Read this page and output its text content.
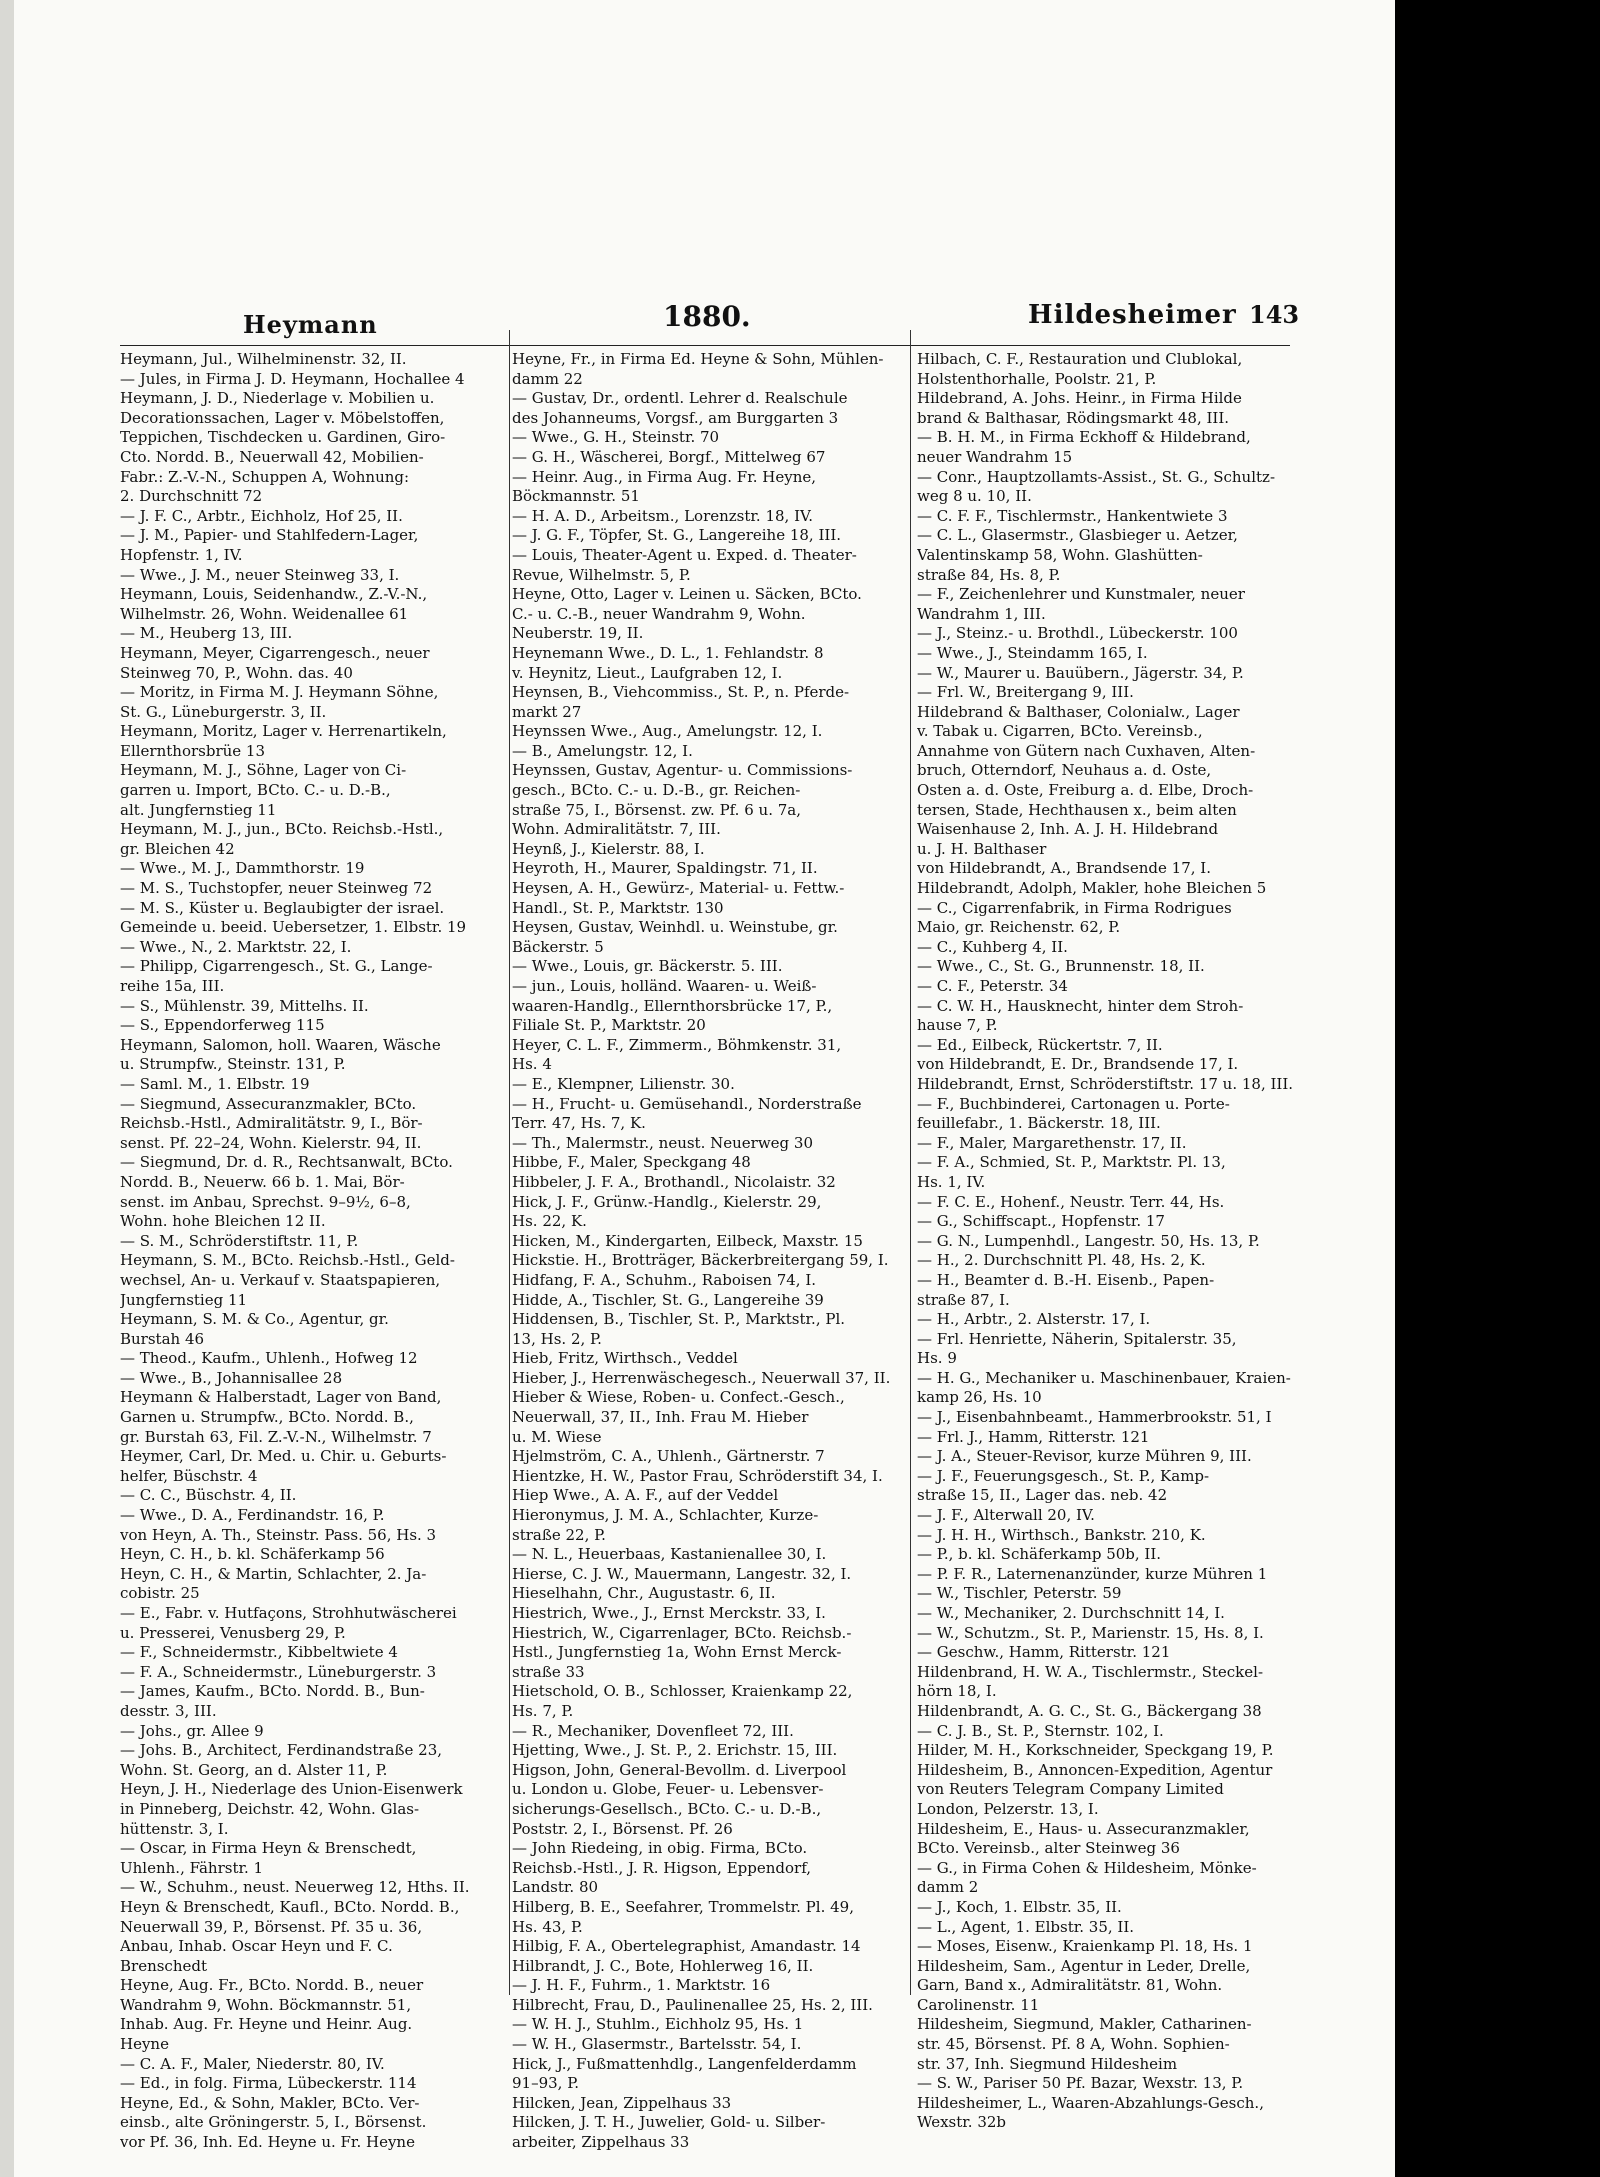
Heymann	1880.	Hildesheimer 143
Heymann, Jul., Wilhelminenstr. 32, II.
— Jules, in Firma J. D. Heymann, Hochallee 4
Heymann, J. D., Niederlage v. Mobilien u.
Decorationssachen, Lager v. Möbelstoffen,
Teppichen, Tischdecken u. Gardinen, Giro-
Cto. Nordd. B., Neuerwall 42, Mobilien-
Fabr.: Z.-V.-N., Schuppen A, Wohnung:
2. Durchschnitt 72
— J. F. C., Arbtr., Eichholz, Hof 25, II.
— J. M., Papier- und Stahlfedern-Lager,
Hopfenstr. 1, IV.
— Wwe., J. M., neuer Steinweg 33, I.
Heymann, Louis, Seidenhandw., Z.-V.-N.,
Wilhelmstr. 26, Wohn. Weidenallee 61
— M., Heuberg 13, III.
Heymann, Meyer, Cigarrengesch., neuer
Steinweg 70, P., Wohn. das. 40
— Moritz, in Firma M. J. Heymann Söhne,
St. G., Lüneburgerstr. 3, II.
Heymann, Moritz, Lager v. Herrenartikeln,
Ellernthorsbrüe 13
Heymann, M. J., Söhne, Lager von Ci-
garren u. Import, BCto. C.- u. D.-B.,
alt. Jungfernstieg 11
Heymann, M. J., jun., BCto. Reichsb.-Hstl.,
gr. Bleichen 42
— Wwe., M. J., Dammthorstr. 19
— M. S., Tuchstopfer, neuer Steinweg 72
— M. S., Küster u. Beglaubigter der israel.
Gemeinde u. beeid. Uebersetzer, 1. Elbstr. 19
— Wwe., N., 2. Marktstr. 22, I.
— Philipp, Cigarrengesch., St. G., Lange-
reihe 15a, III.
— S., Mühlenstr. 39, Mittelhs. II.
— S., Eppendorferweg 115
Heymann, Salomon, holl. Waaren, Wäsche
u. Strumpfw., Steinstr. 131, P.
— Saml. M., 1. Elbstr. 19
— Siegmund, Assecuranzmakler, BCto.
Reichsb.-Hstl., Admiralitätstr. 9, I., Bör-
senst. Pf. 22–24, Wohn. Kielerstr. 94, II.
— Siegmund, Dr. d. R., Rechtsanwalt, BCto.
Nordd. B., Neuerw. 66 b. 1. Mai, Bör-
senst. im Anbau, Sprechst. 9–9½, 6–8,
Wohn. hohe Bleichen 12 II.
— S. M., Schröderstiftstr. 11, P.
Heymann, S. M., BCto. Reichsb.-Hstl., Geld-
wechsel, An- u. Verkauf v. Staatspapieren,
Jungfernstieg 11
Heymann, S. M. & Co., Agentur, gr.
Burstah 46
— Theod., Kaufm., Uhlenh., Hofweg 12
— Wwe., B., Johannisallee 28
Heymann & Halberstadt, Lager von Band,
Garnen u. Strumpfw., BCto. Nordd. B.,
gr. Burstah 63, Fil. Z.-V.-N., Wilhelmstr. 7
Heymer, Carl, Dr. Med. u. Chir. u. Geburts-
helfer, Büschstr. 4
— C. C., Büschstr. 4, II.
— Wwe., D. A., Ferdinandstr. 16, P.
von Heyn, A. Th., Steinstr. Pass. 56, Hs. 3
Heyn, C. H., b. kl. Schäferkamp 56
Heyn, C. H., & Martin, Schlachter, 2. Ja-
cobistr. 25
— E., Fabr. v. Hutfaçons, Strohhutwäscherei
u. Presserei, Venusberg 29, P.
— F., Schneidermstr., Kibbeltwiete 4
— F. A., Schneidermstr., Lüneburgerstr. 3
— James, Kaufm., BCto. Nordd. B., Bun-
desstr. 3, III.
— Johs., gr. Allee 9
— Johs. B., Architect, Ferdinandstraße 23,
Wohn. St. Georg, an d. Alster 11, P.
Heyn, J. H., Niederlage des Union-Eisenwerk
in Pinneberg, Deichstr. 42, Wohn. Glas-
hüttenstr. 3, I.
— Oscar, in Firma Heyn & Brenschedt,
Uhlenh., Fährstr. 1
— W., Schuhm., neust. Neuerweg 12, Hths. II.
Heyn & Brenschedt, Kaufl., BCto. Nordd. B.,
Neuerwall 39, P., Börsenst. Pf. 35 u. 36,
Anbau, Inhab. Oscar Heyn und F. C.
Brenschedt
Heyne, Aug. Fr., BCto. Nordd. B., neuer
Wandrahm 9, Wohn. Böckmannstr. 51,
Inhab. Aug. Fr. Heyne und Heinr. Aug.
Heyne
— C. A. F., Maler, Niederstr. 80, IV.
— Ed., in folg. Firma, Lübeckerstr. 114
Heyne, Ed., & Sohn, Makler, BCto. Ver-
einsb., alte Gröningerstr. 5, I., Börsenst.
vor Pf. 36, Inh. Ed. Heyne u. Fr. Heyne
Heyne, Fr., in Firma Ed. Heyne & Sohn, Mühlen-
damm 22
— Gustav, Dr., ordentl. Lehrer d. Realschule
des Johanneums, Vorgsf., am Burggarten 3
— Wwe., G. H., Steinstr. 70
— G. H., Wäscherei, Borgf., Mittelweg 67
— Heinr. Aug., in Firma Aug. Fr. Heyne,
Böckmannstr. 51
— H. A. D., Arbeitsm., Lorenzstr. 18, IV.
— J. G. F., Töpfer, St. G., Langereihe 18, III.
— Louis, Theater-Agent u. Exped. d. Theater-
Revue, Wilhelmstr. 5, P.
Heyne, Otto, Lager v. Leinen u. Säcken, BCto.
C.- u. C.-B., neuer Wandrahm 9, Wohn.
Neuberstr. 19, II.
Heynemann Wwe., D. L., 1. Fehlandstr. 8
v. Heynitz, Lieut., Laufgraben 12, I.
Heynsen, B., Viehcommiss., St. P., n. Pferde-
markt 27
Heynssen Wwe., Aug., Amelungstr. 12, I.
— B., Amelungstr. 12, I.
Heynssen, Gustav, Agentur- u. Commissions-
gesch., BCto. C.- u. D.-B., gr. Reichen-
straße 75, I., Börsenst. zw. Pf. 6 u. 7a,
Wohn. Admiralitätstr. 7, III.
Heynß, J., Kielerstr. 88, I.
Heyroth, H., Maurer, Spaldingstr. 71, II.
Heysen, A. H., Gewürz-, Material- u. Fettw.-
Handl., St. P., Marktstr. 130
Heysen, Gustav, Weinhdl. u. Weinstube, gr.
Bäckerstr. 5
— Wwe., Louis, gr. Bäckerstr. 5. III.
— jun., Louis, holländ. Waaren- u. Weiß-
waaren-Handlg., Ellernthorsbrücke 17, P.,
Filiale St. P., Marktstr. 20
Heyer, C. L. F., Zimmerm., Böhmkenstr. 31,
Hs. 4
— E., Klempner, Lilienstr. 30.
— H., Frucht- u. Gemüsehandl., Norderstraße
Terr. 47, Hs. 7, K.
— Th., Malermstr., neust. Neuerweg 30
Hibbe, F., Maler, Speckgang 48
Hibbeler, J. F. A., Brothandl., Nicolaistr. 32
Hick, J. F., Grünw.-Handlg., Kielerstr. 29,
Hs. 22, K.
Hicken, M., Kindergarten, Eilbeck, Maxstr. 15
Hickstie. H., Brotträger, Bäckerbreitergang 59, I.
Hidfang, F. A., Schuhm., Raboisen 74, I.
Hidde, A., Tischler, St. G., Langereihe 39
Hiddensen, B., Tischler, St. P., Marktstr., Pl.
13, Hs. 2, P.
Hieb, Fritz, Wirthsch., Veddel
Hieber, J., Herrenwäschegesch., Neuerwall 37, II.
Hieber & Wiese, Roben- u. Confect.-Gesch.,
Neuerwall, 37, II., Inh. Frau M. Hieber
u. M. Wiese
Hjelmström, C. A., Uhlenh., Gärtnerstr. 7
Hientzke, H. W., Pastor Frau, Schröderstift 34, I.
Hiep Wwe., A. A. F., auf der Veddel
Hieronymus, J. M. A., Schlachter, Kurze-
straße 22, P.
— N. L., Heuerbaas, Kastanienallee 30, I.
Hierse, C. J. W., Mauermann, Langestr. 32, I.
Hieselhahn, Chr., Augustastr. 6, II.
Hiestrich, Wwe., J., Ernst Merckstr. 33, I.
Hiestrich, W., Cigarrenlager, BCto. Reichsb.-
Hstl., Jungfernstieg 1a, Wohn Ernst Merck-
straße 33
Hietschold, O. B., Schlosser, Kraienkamp 22,
Hs. 7, P.
— R., Mechaniker, Dovenfleet 72, III.
Hjetting, Wwe., J. St. P., 2. Erichstr. 15, III.
Higson, John, General-Bevollm. d. Liverpool
u. London u. Globe, Feuer- u. Lebensver-
sicherungs-Gesellsch., BCto. C.- u. D.-B.,
Poststr. 2, I., Börsenst. Pf. 26
— John Riedeing, in obig. Firma, BCto.
Reichsb.-Hstl., J. R. Higson, Eppendorf,
Landstr. 80
Hilberg, B. E., Seefahrer, Trommelstr. Pl. 49,
Hs. 43, P.
Hilbig, F. A., Obertelegraphist, Amandastr. 14
Hilbrandt, J. C., Bote, Hohlerweg 16, II.
— J. H. F., Fuhrm., 1. Marktstr. 16
Hilbrecht, Frau, D., Paulinenallee 25, Hs. 2, III.
— W. H. J., Stuhlm., Eichholz 95, Hs. 1
— W. H., Glasermstr., Bartelsstr. 54, I.
Hick, J., Fußmattenhdlg., Langenfelderdamm
91–93, P.
Hilcken, Jean, Zippelhaus 33
Hilcken, J. T. H., Juwelier, Gold- u. Silber-
arbeiter, Zippelhaus 33
Hilbach, C. F., Restauration und Clublokal,
Holstenthorhalle, Poolstr. 21, P.
Hildebrand, A. Johs. Heinr., in Firma Hilde
brand & Balthasar, Rödingsmarkt 48, III.
— B. H. M., in Firma Eckhoff & Hildebrand,
neuer Wandrahm 15
— Conr., Hauptzollamts-Assist., St. G., Schultz-
weg 8 u. 10, II.
— C. F. F., Tischlermstr., Hankentwiete 3
— C. L., Glasermstr., Glasbieger u. Aetzer,
Valentinskamp 58, Wohn. Glashütten-
straße 84, Hs. 8, P.
— F., Zeichenlehrer und Kunstmaler, neuer
Wandrahm 1, III.
— J., Steinz.- u. Brothdl., Lübeckerstr. 100
— Wwe., J., Steindamm 165, I.
— W., Maurer u. Bauübern., Jägerstr. 34, P.
— Frl. W., Breitergang 9, III.
Hildebrand & Balthaser, Colonialw., Lager
v. Tabak u. Cigarren, BCto. Vereinsb.,
Annahme von Gütern nach Cuxhaven, Alten-
bruch, Otterndorf, Neuhaus a. d. Oste,
Osten a. d. Oste, Freiburg a. d. Elbe, Droch-
tersen, Stade, Hechthausen x., beim alten
Waisenhause 2, Inh. A. J. H. Hildebrand
u. J. H. Balthaser
von Hildebrandt, A., Brandsende 17, I.
Hildebrandt, Adolph, Makler, hohe Bleichen 5
— C., Cigarrenfabrik, in Firma Rodrigues
Maio, gr. Reichenstr. 62, P.
— C., Kuhberg 4, II.
— Wwe., C., St. G., Brunnenstr. 18, II.
— C. F., Peterstr. 34
— C. W. H., Hausknecht, hinter dem Stroh-
hause 7, P.
— Ed., Eilbeck, Rückertstr. 7, II.
von Hildebrandt, E. Dr., Brandsende 17, I.
Hildebrandt, Ernst, Schröderstiftstr. 17 u. 18, III.
— F., Buchbinderei, Cartonagen u. Porte-
feuillefabr., 1. Bäckerstr. 18, III.
— F., Maler, Margarethenstr. 17, II.
— F. A., Schmied, St. P., Marktstr. Pl. 13,
Hs. 1, IV.
— F. C. E., Hohenf., Neustr. Terr. 44, Hs.
— G., Schiffscapt., Hopfenstr. 17
— G. N., Lumpenhdl., Langestr. 50, Hs. 13, P.
— H., 2. Durchschnitt Pl. 48, Hs. 2, K.
— H., Beamter d. B.-H. Eisenb., Papen-
straße 87, I.
— H., Arbtr., 2. Alsterstr. 17, I.
— Frl. Henriette, Näherin, Spitalerstr. 35,
Hs. 9
— H. G., Mechaniker u. Maschinenbauer, Kraien-
kamp 26, Hs. 10
— J., Eisenbahnbeamt., Hammerbrookstr. 51, I
— Frl. J., Hamm, Ritterstr. 121
— J. A., Steuer-Revisor, kurze Mühren 9, III.
— J. F., Feuerungsgesch., St. P., Kamp-
straße 15, II., Lager das. neb. 42
— J. F., Alterwall 20, IV.
— J. H. H., Wirthsch., Bankstr. 210, K.
— P., b. kl. Schäferkamp 50b, II.
— P. F. R., Laternenanzünder, kurze Mühren 1
— W., Tischler, Peterstr. 59
— W., Mechaniker, 2. Durchschnitt 14, I.
— W., Schutzm., St. P., Marienstr. 15, Hs. 8, I.
— Geschw., Hamm, Ritterstr. 121
Hildenbrand, H. W. A., Tischlermstr., Steckel-
hörn 18, I.
Hildenbrandt, A. G. C., St. G., Bäckergang 38
— C. J. B., St. P., Sternstr. 102, I.
Hilder, M. H., Korkschneider, Speckgang 19, P.
Hildesheim, B., Annoncen-Expedition, Agentur
von Reuters Telegram Company Limited
London, Pelzerstr. 13, I.
Hildesheim, E., Haus- u. Assecuranzmakler,
BCto. Vereinsb., alter Steinweg 36
— G., in Firma Cohen & Hildesheim, Mönke-
damm 2
— J., Koch, 1. Elbstr. 35, II.
— L., Agent, 1. Elbstr. 35, II.
— Moses, Eisenw., Kraienkamp Pl. 18, Hs. 1
Hildesheim, Sam., Agentur in Leder, Drelle,
Garn, Band x., Admiralitätstr. 81, Wohn.
Carolinenstr. 11
Hildesheim, Siegmund, Makler, Catharinen-
str. 45, Börsenst. Pf. 8 A, Wohn. Sophien-
str. 37, Inh. Siegmund Hildesheim
— S. W., Pariser 50 Pf. Bazar, Wexstr. 13, P.
Hildesheimer, L., Waaren-Abzahlungs-Gesch.,
Wexstr. 32b
